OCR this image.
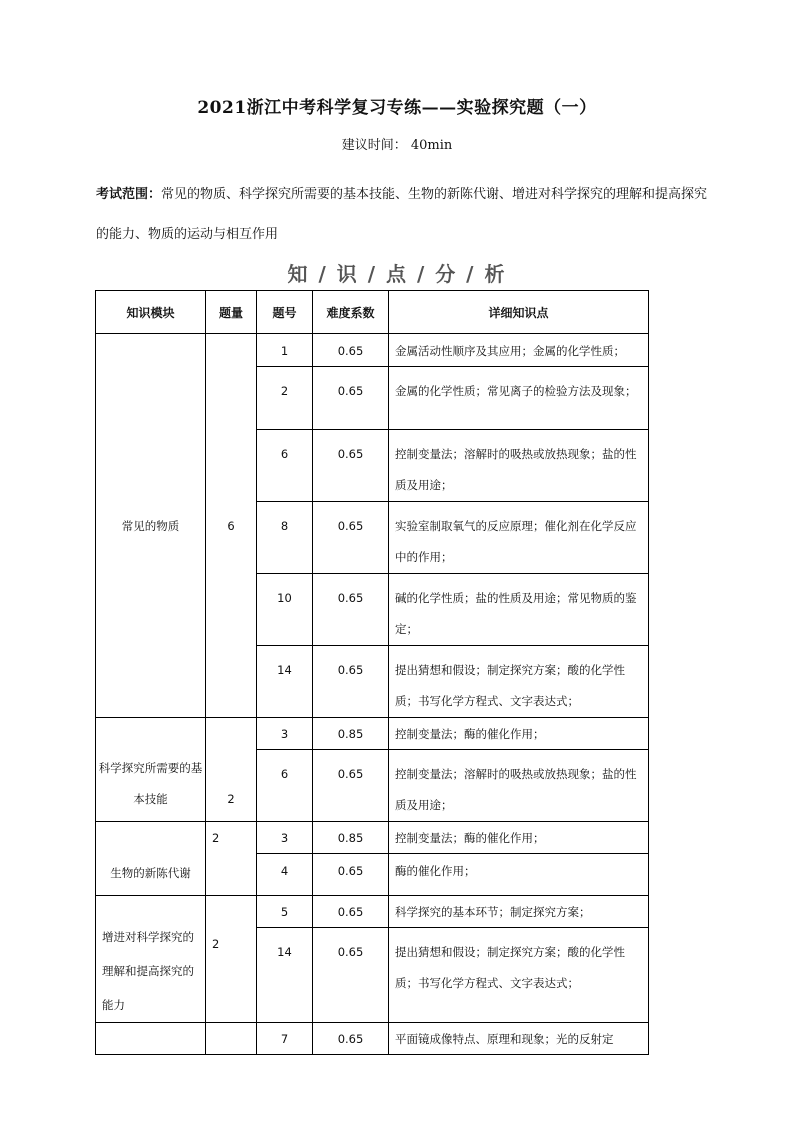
2021浙江中考科学复习专练——实验探究题（一）
建议时间： 40min
考试范围：常见的物质、科学探究所需要的基本技能、生物的新陈代谢、增进对科学探究的理解和提高探究的能力、物质的运动与相互作用
知 / 识 / 点 / 分 / 析
知识模块	题量	题号	难度系数	详细知识点
常见的物质	6	1	0.65	金属活动性顺序及其应用；金属的化学性质；

		2	0.65	金属的化学性质；常见离子的检验方法及现象；

		6	0.65	控制变量法；溶解时的吸热或放热现象；盐的性质及用途；

		8	0.65	实验室制取氧气的反应原理；催化剂在化学反应中的作用；

		10	0.65	碱的化学性质；盐的性质及用途；常见物质的鉴定；

		14	0.65	提出猜想和假设；制定探究方案；酸的化学性质；书写化学方程式、文字表达式；

科学探究所需要的基本技能	2	3	0.85	控制变量法；酶的催化作用；

		6	0.65	控制变量法；溶解时的吸热或放热现象；盐的性质及用途；

生物的新陈代谢	2	3	0.85	控制变量法；酶的催化作用；

		4	0.65	酶的催化作用；

增进对科学探究的理解和提高探究的能力	2	5	0.65	科学探究的基本环节；制定探究方案；

		14	0.65	提出猜想和假设；制定探究方案；酸的化学性质；书写化学方程式、文字表达式；

		7	0.65	平面镜成像特点、原理和现象；光的反射定
